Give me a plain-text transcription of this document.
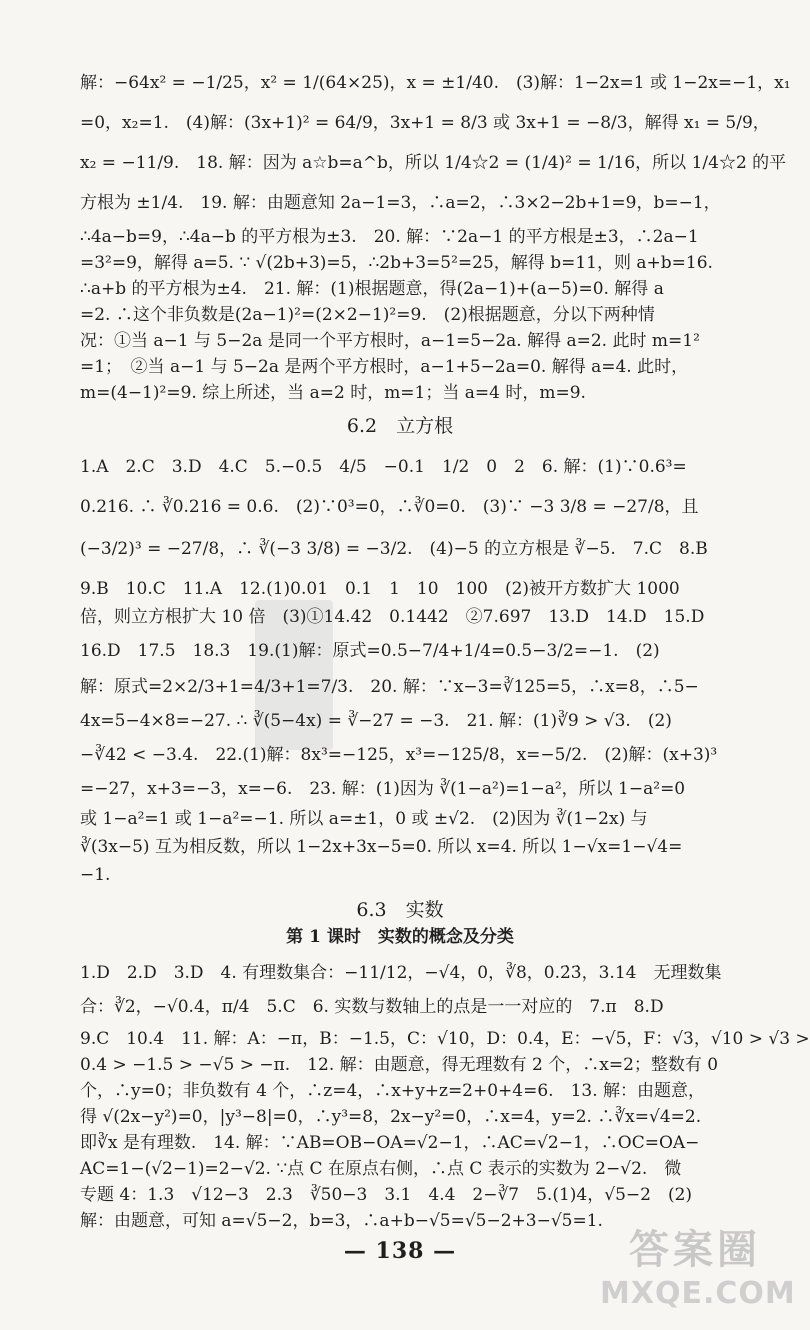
解：−64x² = −1/25，x² = 1/(64×25)，x = ±1/40.　(3)解：1−2x=1 或 1−2x=−1，x₁
=0，x₂=1.　(4)解：(3x+1)² = 64/9，3x+1 = 8/3 或 3x+1 = −8/3，解得 x₁ = 5/9，
x₂ = −11/9.　18. 解：因为 a☆b=a^b，所以 1/4☆2 = (1/4)² = 1/16，所以 1/4☆2 的平
方根为 ±1/4.　19. 解：由题意知 2a−1=3，∴a=2，∴3×2−2b+1=9，b=−1，
∴4a−b=9，∴4a−b 的平方根为±3.　20. 解：∵2a−1 的平方根是±3，∴2a−1
=3²=9，解得 a=5. ∵ √(2b+3)=5，∴2b+3=5²=25，解得 b=11，则 a+b=16.
∴a+b 的平方根为±4.　21. 解：(1)根据题意，得(2a−1)+(a−5)=0. 解得 a
=2. ∴这个非负数是(2a−1)²=(2×2−1)²=9.　(2)根据题意，分以下两种情
况：①当 a−1 与 5−2a 是同一个平方根时，a−1=5−2a. 解得 a=2. 此时 m=1²
=1；　②当 a−1 与 5−2a 是两个平方根时，a−1+5−2a=0. 解得 a=4. 此时，
m=(4−1)²=9. 综上所述，当 a=2 时，m=1；当 a=4 时，m=9.
6.2　立方根
1.A　2.C　3.D　4.C　5.−0.5　4/5　−0.1　1/2　0　2　6. 解：(1)∵0.6³=
0.216. ∴ ∛0.216 = 0.6.　(2)∵0³=0，∴∛0=0.　(3)∵ −3 3/8 = −27/8，且
(−3/2)³ = −27/8，∴ ∛(−3 3/8) = −3/2.　(4)−5 的立方根是 ∛−5.　7.C　8.B
9.B　10.C　11.A　12.(1)0.01　0.1　1　10　100　(2)被开方数扩大 1000
倍，则立方根扩大 10 倍　(3)①14.42　0.1442　②7.697　13.D　14.D　15.D
16.D　17.5　18.3　19.(1)解：原式=0.5−7/4+1/4=0.5−3/2=−1.　(2)
解：原式=2×2/3+1=4/3+1=7/3.　20. 解：∵x−3=∛125=5，∴x=8，∴5−
4x=5−4×8=−27. ∴ ∛(5−4x) = ∛−27 = −3.　21. 解：(1)∛9 > √3.　(2)
−∛42 < −3.4.　22.(1)解：8x³=−125，x³=−125/8，x=−5/2.　(2)解：(x+3)³
=−27，x+3=−3，x=−6.　23. 解：(1)因为 ∛(1−a²)=1−a²，所以 1−a²=0
或 1−a²=1 或 1−a²=−1. 所以 a=±1，0 或 ±√2.　(2)因为 ∛(1−2x) 与
∛(3x−5) 互为相反数，所以 1−2x+3x−5=0. 所以 x=4. 所以 1−√x=1−√4=
−1.
6.3　实数
第 1 课时　实数的概念及分类
1.D　2.D　3.D　4. 有理数集合：−11/12，−√4，0，∛8，0.2̇3̇，3.14　无理数集
合：∛2，−√0.4，π/4　5.C　6. 实数与数轴上的点是一一对应的　7.π　8.D
9.C　10.4　11. 解：A：−π，B：−1.5，C：√10，D：0.4，E：−√5，F：√3，√10 > √3 >
0.4 > −1.5 > −√5 > −π.　12. 解：由题意，得无理数有 2 个，∴x=2；整数有 0
个，∴y=0；非负数有 4 个，∴z=4，∴x+y+z=2+0+4=6.　13. 解：由题意，
得 √(2x−y²)=0，|y³−8|=0，∴y³=8，2x−y²=0，∴x=4，y=2. ∴∛x=√4=2.
即∛x 是有理数.　14. 解：∵AB=OB−OA=√2−1，∴AC=√2−1，∴OC=OA−
AC=1−(√2−1)=2−√2. ∵点 C 在原点右侧，∴点 C 表示的实数为 2−√2.　微
专题 4：1.3　√12−3　2.3　∛50−3　3.1　4.4　2−∛7　5.(1)4，√5−2　(2)
解：由题意，可知 a=√5−2，b=3，∴a+b−√5=√5−2+3−√5=1.
— 138 —	答案圈
MXQE.COM
